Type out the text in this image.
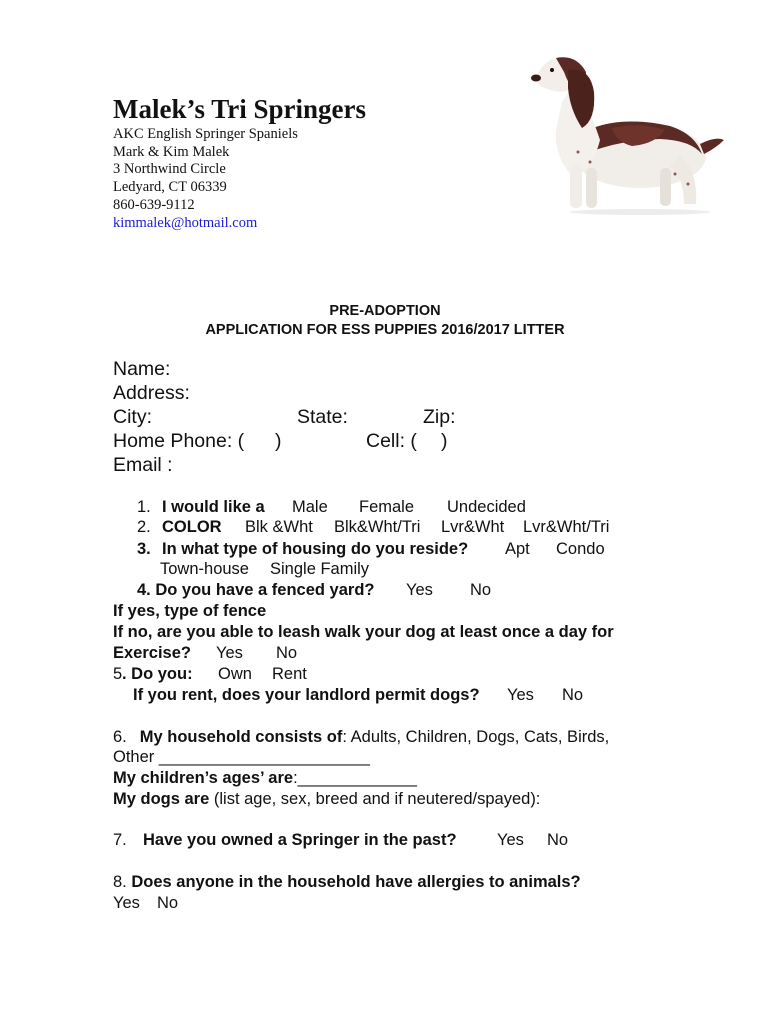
Malek’s Tri Springers
AKC English Springer Spaniels
Mark & Kim Malek
3 Northwind Circle
Ledyard, CT 06339
860-639-9112
kimmalek@hotmail.com
PRE-ADOPTION
APPLICATION FOR ESS PUPPIES 2016/2017 LITTER
Name:
Address:
City:	State:	Zip:
Home Phone: ( )	Cell: ( )
Email :
1. I would like a Male Female Undecided
2. COLOR Blk &Wht Blk&Wht/Tri Lvr&Wht Lvr&Wht/Tri
3. In what type of housing do you reside? Apt Condo
Town-house Single Family
4. Do you have a fenced yard? Yes No
If yes, type of fence
If no, are you able to leash walk your dog at least once a day for
Exercise? Yes No
5 . Do you: Own Rent
If you rent, does your landlord permit dogs? Yes No
6. My household consists of: Adults, Children, Dogs, Cats, Birds,
Other _______________________
My children’s ages’ are:_____________
My dogs are (list age, sex, breed and if neutered/spayed):
7. Have you owned a Springer in the past? Yes No
8. Does anyone in the household have allergies to animals?
Yes No
